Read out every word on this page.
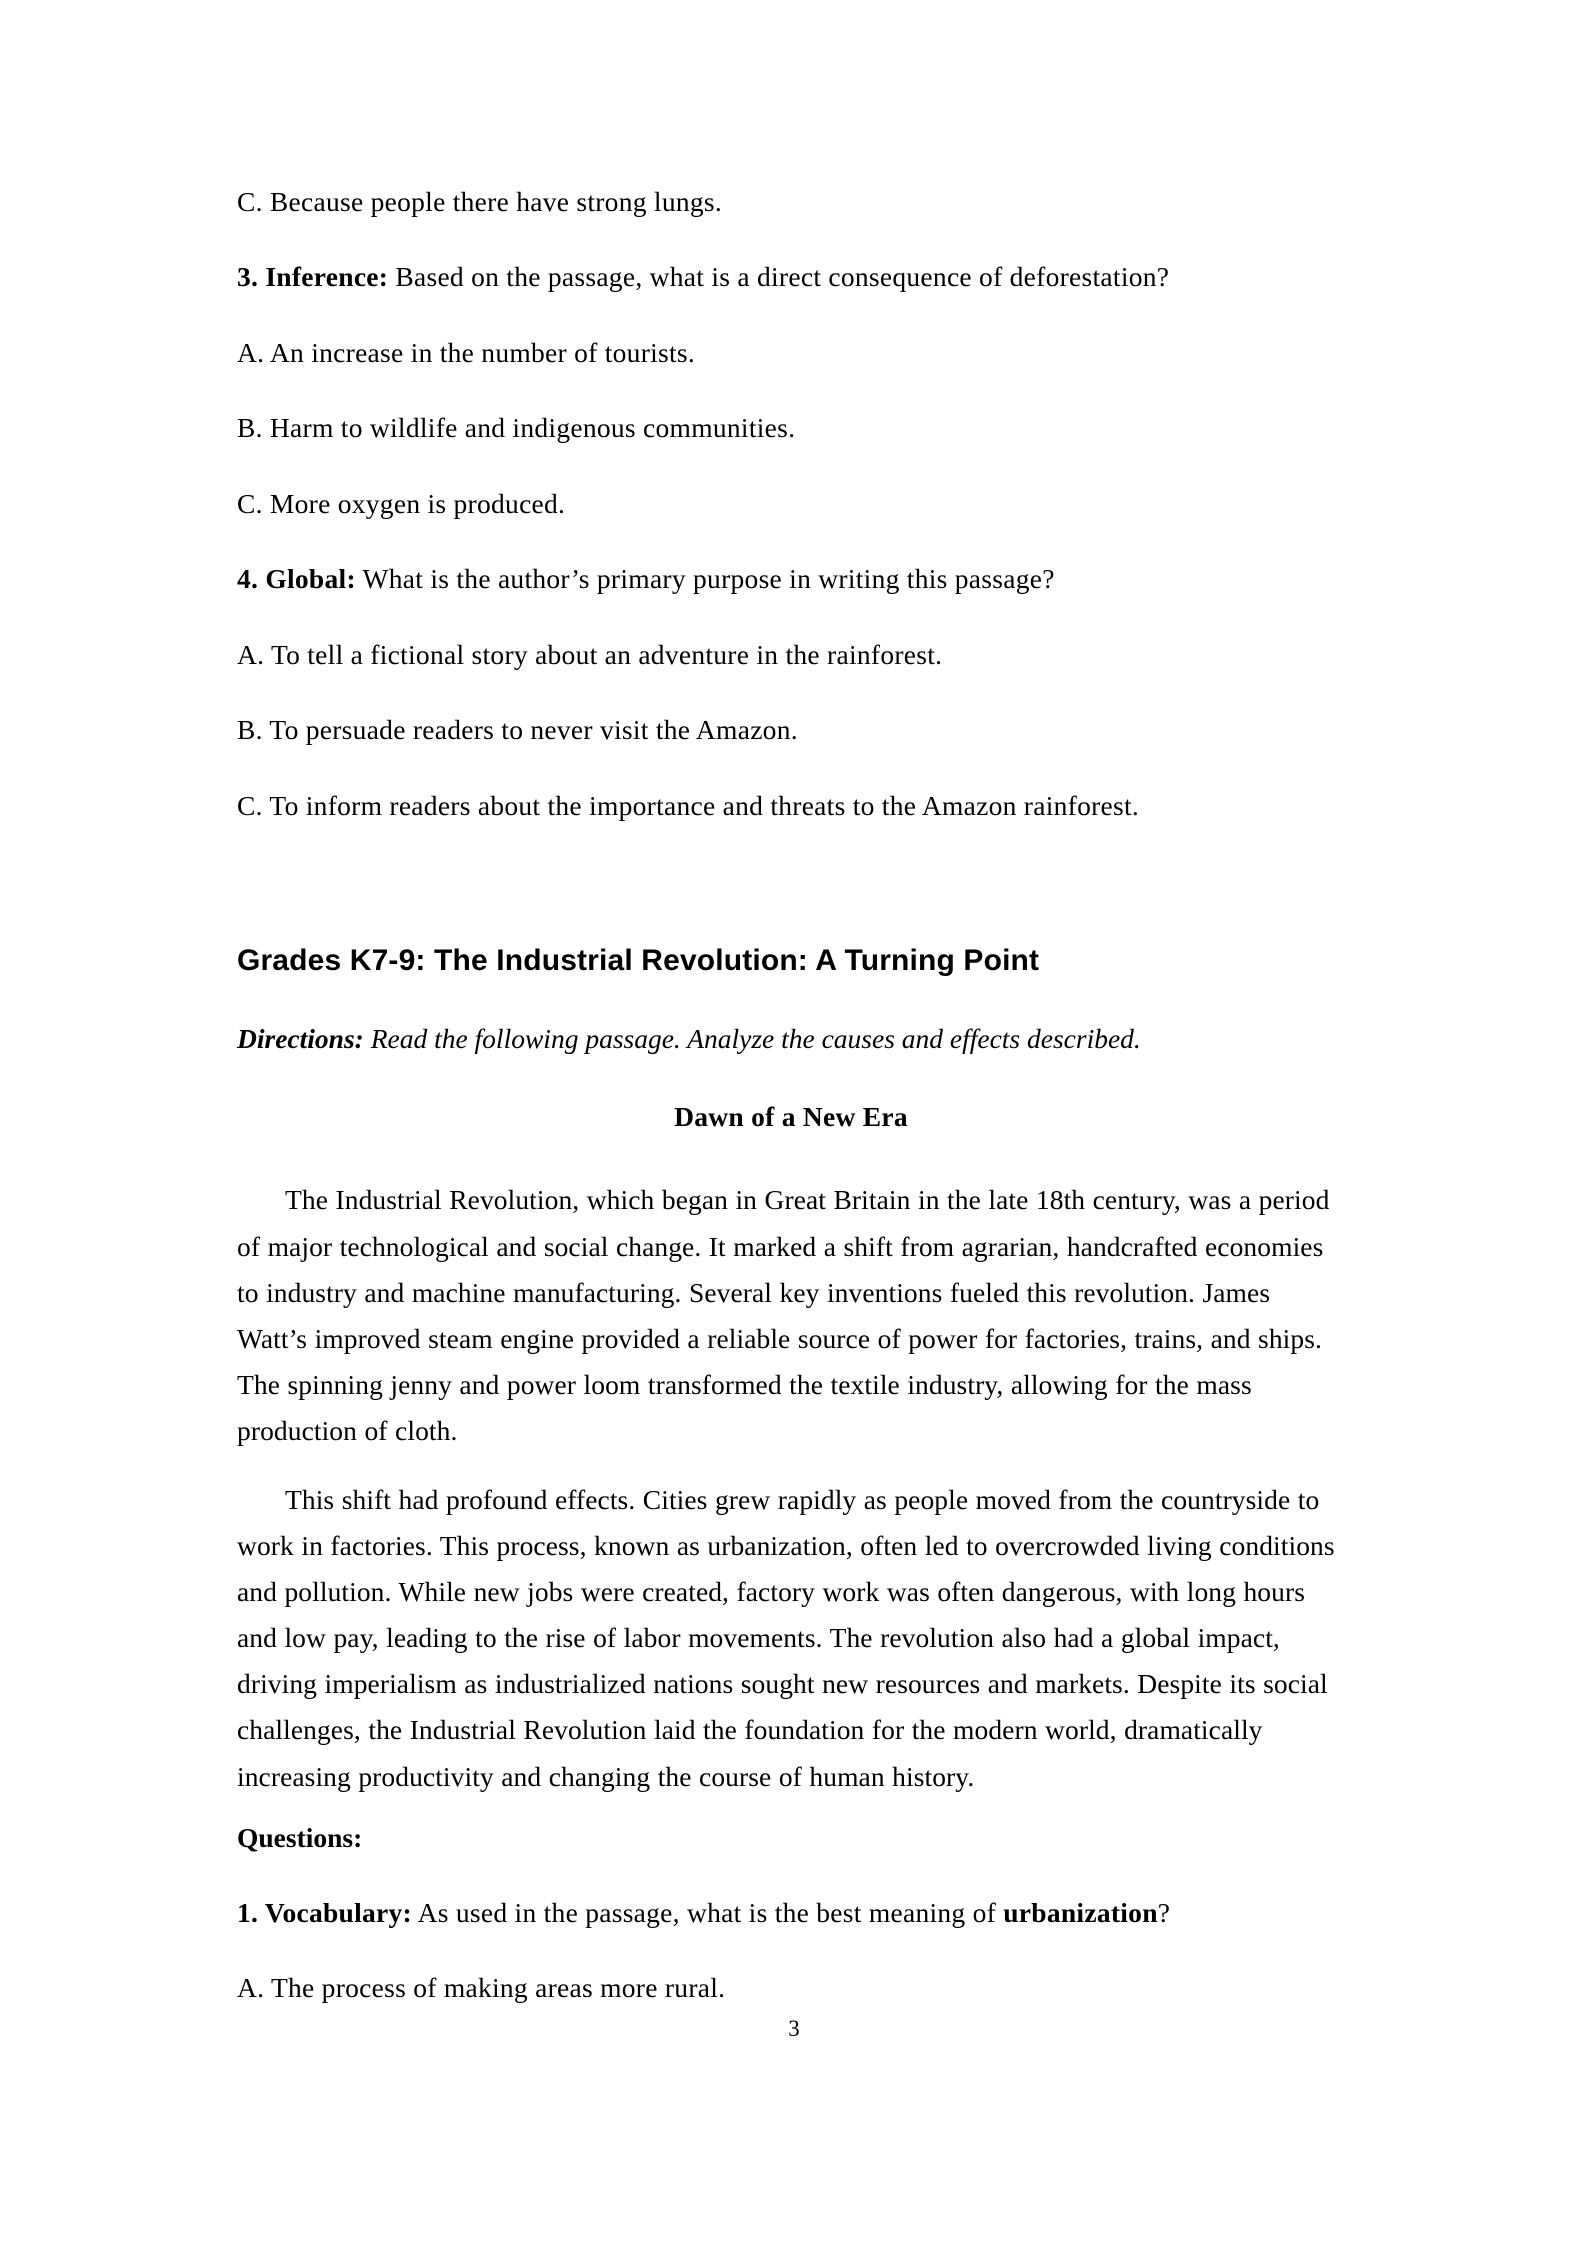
C. Because people there have strong lungs.

3. Inference: Based on the passage, what is a direct consequence of deforestation?

A. An increase in the number of tourists.

B. Harm to wildlife and indigenous communities.

C. More oxygen is produced.

4. Global: What is the author’s primary purpose in writing this passage?

A. To tell a fictional story about an adventure in the rainforest.

B. To persuade readers to never visit the Amazon.

C. To inform readers about the importance and threats to the Amazon rainforest.

Grades K7-9: The Industrial Revolution: A Turning Point

Directions: Read the following passage. Analyze the causes and effects described.

Dawn of a New Era

The Industrial Revolution, which began in Great Britain in the late 18th century, was a period of major technological and social change. It marked a shift from agrarian, handcrafted economies to industry and machine manufacturing. Several key inventions fueled this revolution. James Watt’s improved steam engine provided a reliable source of power for factories, trains, and ships. The spinning jenny and power loom transformed the textile industry, allowing for the mass production of cloth.

This shift had profound effects. Cities grew rapidly as people moved from the countryside to work in factories. This process, known as urbanization, often led to overcrowded living conditions and pollution. While new jobs were created, factory work was often dangerous, with long hours and low pay, leading to the rise of labor movements. The revolution also had a global impact, driving imperialism as industrialized nations sought new resources and markets. Despite its social challenges, the Industrial Revolution laid the foundation for the modern world, dramatically increasing productivity and changing the course of human history.

Questions:

1. Vocabulary: As used in the passage, what is the best meaning of urbanization?

A. The process of making areas more rural.

3
